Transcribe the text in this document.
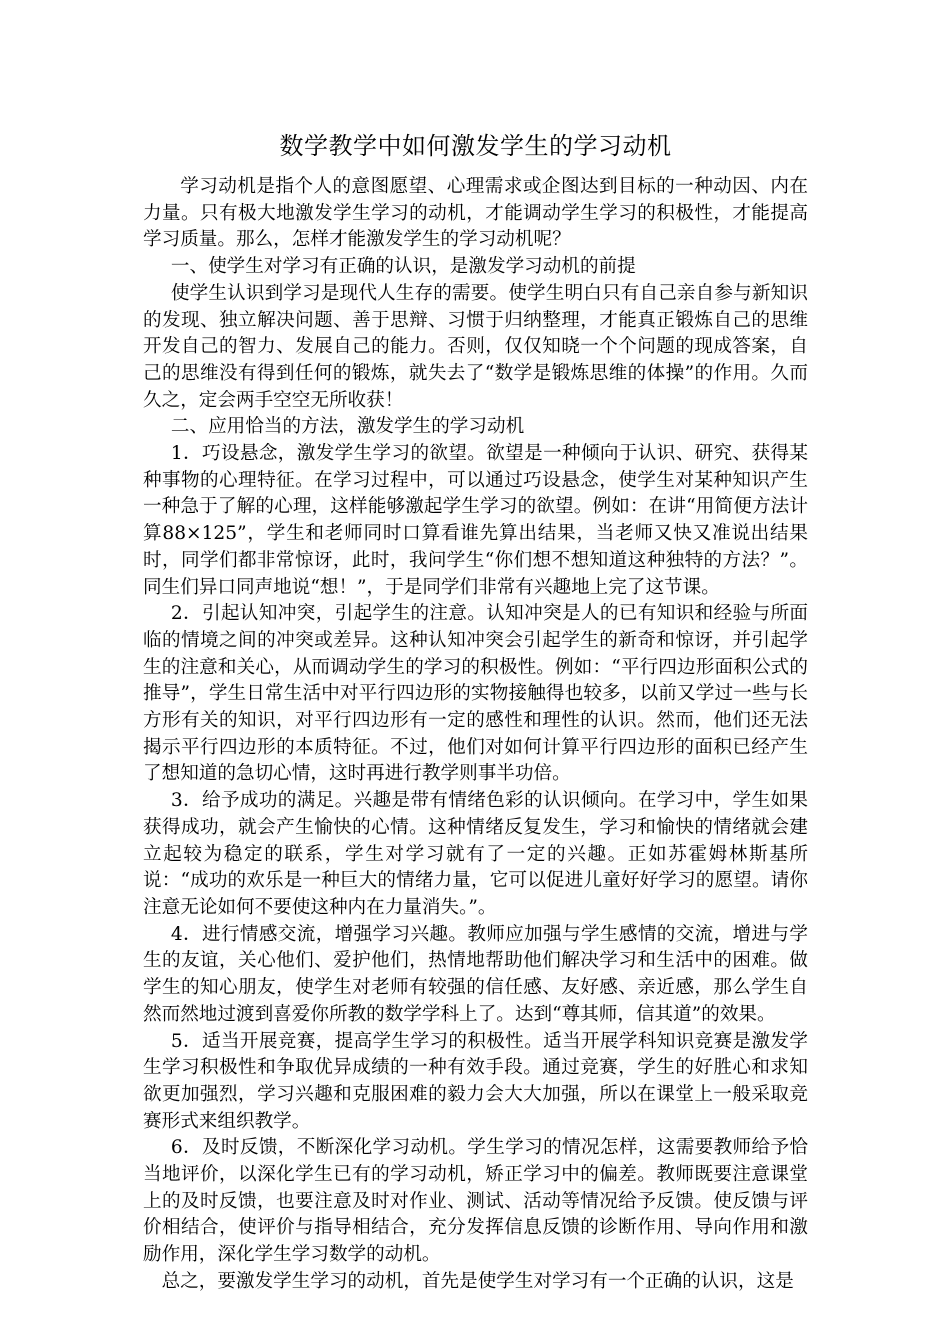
数学教学中如何激发学生的学习动机

学习动机是指个人的意图愿望、心理需求或企图达到目标的一种动因、内在力量。只有极大地激发学生学习的动机，才能调动学生学习的积极性，才能提高学习质量。那么，怎样才能激发学生的学习动机呢？

一、使学生对学习有正确的认识，是激发学习动机的前提

使学生认识到学习是现代人生存的需要。使学生明白只有自己亲自参与新知识的发现、独立解决问题、善于思辩、习惯于归纳整理，才能真正锻炼自己的思维开发自己的智力、发展自己的能力。否则，仅仅知晓一个个问题的现成答案，自己的思维没有得到任何的锻炼，就失去了“数学是锻炼思维的体操”的作用。久而久之，定会两手空空无所收获！

二、应用恰当的方法，激发学生的学习动机

1．巧设悬念，激发学生学习的欲望。欲望是一种倾向于认识、研究、获得某种事物的心理特征。在学习过程中，可以通过巧设悬念，使学生对某种知识产生一种急于了解的心理，这样能够激起学生学习的欲望。例如：在讲“用简便方法计算88×125”，学生和老师同时口算看谁先算出结果，当老师又快又准说出结果时，同学们都非常惊讶，此时，我问学生“你们想不想知道这种独特的方法？”。同生们异口同声地说“想！”，于是同学们非常有兴趣地上完了这节课。

2．引起认知冲突，引起学生的注意。认知冲突是人的已有知识和经验与所面临的情境之间的冲突或差异。这种认知冲突会引起学生的新奇和惊讶，并引起学生的注意和关心，从而调动学生的学习的积极性。例如：“平行四边形面积公式的推导”，学生日常生活中对平行四边形的实物接触得也较多，以前又学过一些与长方形有关的知识，对平行四边形有一定的感性和理性的认识。然而，他们还无法揭示平行四边形的本质特征。不过，他们对如何计算平行四边形的面积已经产生了想知道的急切心情，这时再进行教学则事半功倍。

3．给予成功的满足。兴趣是带有情绪色彩的认识倾向。在学习中，学生如果获得成功，就会产生愉快的心情。这种情绪反复发生，学习和愉快的情绪就会建立起较为稳定的联系，学生对学习就有了一定的兴趣。正如苏霍姆林斯基所说：“成功的欢乐是一种巨大的情绪力量，它可以促进儿童好好学习的愿望。请你注意无论如何不要使这种内在力量消失。”。

4．进行情感交流，增强学习兴趣。教师应加强与学生感情的交流，增进与学生的友谊，关心他们、爱护他们，热情地帮助他们解决学习和生活中的困难。做学生的知心朋友，使学生对老师有较强的信任感、友好感、亲近感，那么学生自然而然地过渡到喜爱你所教的数学学科上了。达到“尊其师，信其道”的效果。

5．适当开展竞赛，提高学生学习的积极性。适当开展学科知识竞赛是激发学生学习积极性和争取优异成绩的一种有效手段。通过竞赛，学生的好胜心和求知欲更加强烈，学习兴趣和克服困难的毅力会大大加强，所以在课堂上一般采取竞赛形式来组织教学。

6．及时反馈，不断深化学习动机。学生学习的情况怎样，这需要教师给予恰当地评价，以深化学生已有的学习动机，矫正学习中的偏差。教师既要注意课堂上的及时反馈，也要注意及时对作业、测试、活动等情况给予反馈。使反馈与评价相结合，使评价与指导相结合，充分发挥信息反馈的诊断作用、导向作用和激励作用，深化学生学习数学的动机。

总之，要激发学生学习的动机，首先是使学生对学习有一个正确的认识，这是
